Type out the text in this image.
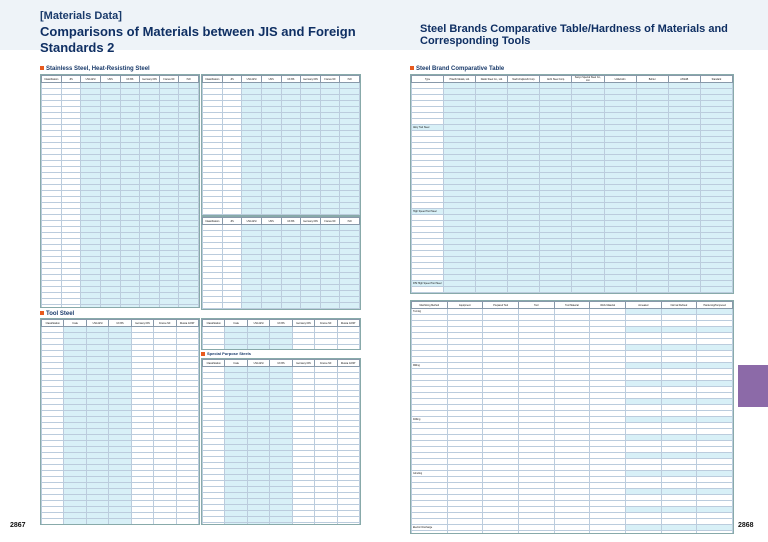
[Materials Data]
Comparisons of Materials between JIS and Foreign Standards 2
Steel Brands Comparative Table/Hardness of Materials and Corresponding Tools
Stainless Steel, Heat-Resisting Steel
Classification	JIS	USA AISI	UNS	UK BS	Germany DIN	France NF	ISO

								Classification	JIS	USA AISI	UNS	UK BS	Germany DIN	France NF	ISO

Classification	JIS	USA AISI	UNS	UK BS	Germany DIN	France NF	ISO

Tool Steel
Classification	Code	USA AISI	UK BS	Germany DIN	France NF	Russia GOST

							Classification	Code	USA AISI	UK BS	Germany DIN	France NF	Russia GOST

Special Purpose Steels
Classification	Code	USA AISI	UK BS	Germany DIN	France NF	Russia GOST

2867
Steel Brand Comparative Table
Type	Hitachi Metals, Ltd.	Daido Steel Co., Ltd.	Nachi-Fujikoshi Corp.	Aichi Steel Corp.	Sanyo Special Steel Co., Ltd.	Uddeholm	Bohler	ASSAB	Standard

Alloy Tool Steel									

High Speed Tool Steel									

P/M High Speed Tool Steel									

Machining Method	Equipment	Prepared Tool	Tool	Tool Material	Work Material	Annealed	Normal Refined	Hardening/Tempered
Turning								

Milling								

Drilling								

Grinding								

Electric Discharge								

									2868
